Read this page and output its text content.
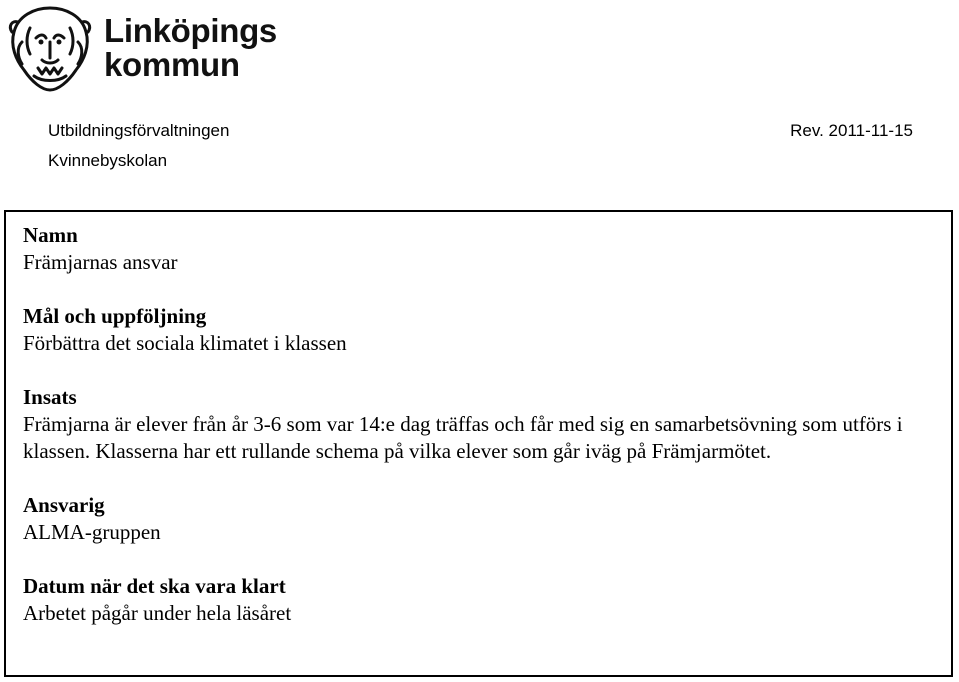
Linköpings
kommun
Utbildningsförvaltningen
Kvinnebyskolan
Rev. 2011-11-15
Namn
Främjarnas ansvar
Mål och uppföljning
Förbättra det sociala klimatet i klassen
Insats
Främjarna är elever från år 3-6 som var 14:e dag träffas och får med sig en samarbetsövning som utförs i klassen. Klasserna har ett rullande schema på vilka elever som går iväg på Främjarmötet.
Ansvarig
ALMA-gruppen
Datum när det ska vara klart
Arbetet pågår under hela läsåret
